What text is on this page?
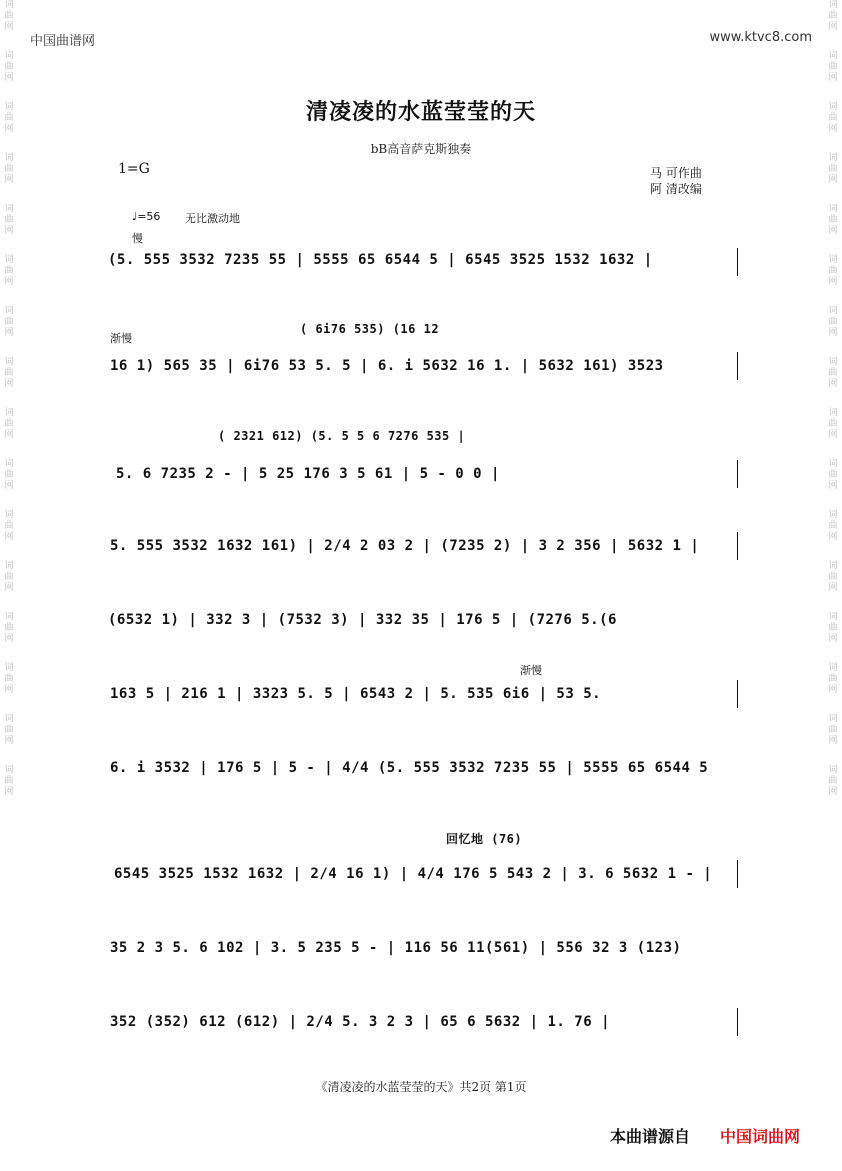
词
曲
网
词
曲
网
词
曲
网
词
曲
网
词
曲
网
词
曲
网
词
曲
网
词
曲
网
词
曲
网
词
曲
网
词
曲
网
词
曲
网
词
曲
网
词
曲
网
词
曲
网
词
曲
网
词
曲
网
词
曲
网
词
曲
网
词
曲
网
词
曲
网
词
曲
网
词
曲
网
词
曲
网
词
曲
网
词
曲
网
词
曲
网
词
曲
网
词
曲
网
词
曲
网
词
曲
网
词
曲
网
中国曲谱网	www.ktvc8.com
清凌凌的水蓝莹莹的天
bB高音萨克斯独奏
1=G	马 可作曲
阿 清改编
♩=56 无比激动地
慢
(5. 555 3532 7235 55 | 5555 65 6544 5 | 6545 3525 1532 1632 |
( 6i76 535) (16 12
渐慢
16 1) 565 35 | 6i76 53 5. 5 | 6. i 5632 16 1. | 5632 161) 3523
( 2321 612) (5. 5 5 6 7276 535 |
5. 6 7235 2 - | 5 25 176 3 5 61 | 5 - 0 0 |
5. 555 3532 1632 161) | 2/4 2 03 2 | (7235 2) | 3 2 356 | 5632 1 |
(6532 1) | 332 3 | (7532 3) | 332 35 | 176 5 | (7276 5.(6
渐慢
163 5 | 216 1 | 3323 5. 5 | 6543 2 | 5. 535 6i6 | 53 5.
6. i 3532 | 176 5 | 5 - | 4/4 (5. 555 3532 7235 55 | 5555 65 6544 5
回忆地 (76)
6545 3525 1532 1632 | 2/4 16 1) | 4/4 176 5 543 2 | 3. 6 5632 1 - |
35 2 3 5. 6 102 | 3. 5 235 5 - | 116 56 11(561) | 556 32 3 (123)
352 (352) 612 (612) | 2/4 5. 3 2 3 | 65 6 5632 | 1. 76 |
《清凌凌的水蓝莹莹的天》共2页 第1页
本曲谱源自 中国词曲网
